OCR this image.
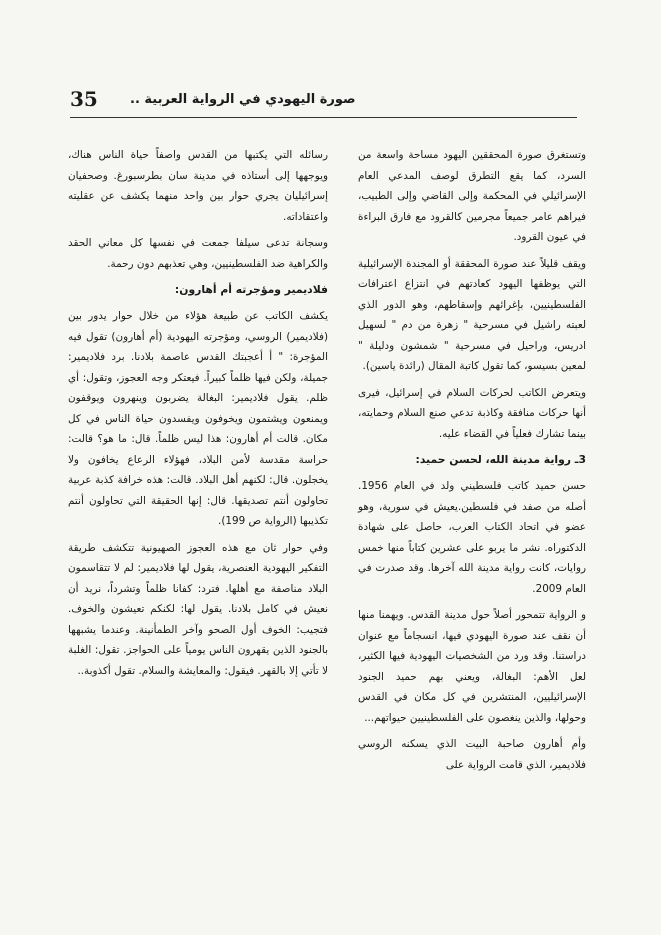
35	صورة اليهودي في الرواية العربية ..

وتستغرق صورة المحققين اليهود مساحة واسعة من السرد، كما يقع التطرق لوصف المدعي العام الإسرائيلي في المحكمة وإلى القاضي وإلى الطبيب، فيراهم عامر جميعاً مجرمين كالقرود مع فارق البراءة في عيون القرود.

ويقف قليلاً عند صورة المحققة أو المجندة الإسرائيلية التي يوظفها اليهود كعادتهم في انتزاع اعترافات الفلسطينيين، بإغرائهم وإسقاطهم، وهو الدور الذي لعبته راشيل في مسرحية " زهرة من دم " لسهيل ادريس، وراحيل في مسرحية " شمشون ودليلة " لمعين بسيسو، كما تقول كاتبة المقال (رائدة ياسين).

ويتعرض الكاتب لحركات السلام في إسرائيل، فيرى أنها حركات منافقة وكاذبة تدعي صنع السلام وحمايته، بينما تشارك فعلياً في القضاء عليه.

3ـ رواية مدينة الله، لحسن حميد:

حسن حميد كاتب فلسطيني ولد في العام 1956. أصله من صفد في فلسطين.يعيش في سورية، وهو عضو في اتحاد الكتاب العرب، حاصل على شهادة الدكتوراه. نشر ما يربو على عشرين كتاباً منها خمس روايات، كانت رواية مدينة الله آخرها. وقد صدرت في العام 2009.

و الرواية تتمحور أصلاً حول مدينة القدس. ويهمنا منها أن نقف عند صورة اليهودي فيها، انسجاماً مع عنوان دراستنا. وقد ورد من الشخصيات اليهودية فيها الكثير، لعل الأهم: البغالة، ويعني بهم حميد الجنود الإسرائيليين، المنتشرين في كل مكان في القدس وحولها، والذين ينغصون على الفلسطينيين حيواتهم...

وأم أهارون صاحبة البيت الذي يسكنه الروسي فلاديمير، الذي قامت الرواية على

رسائله التي يكتبها من القدس واصفاً حياة الناس هناك، ويوجهها إلى أستاذه في مدينة سان بطرسبورغ. وصحفيان إسرائيليان يجري حوار بين واحد منهما يكشف عن عقليته واعتقاداته.

وسجانة تدعى سيلفا جمعت في نفسها كل معاني الحقد والكراهية ضد الفلسطينيين، وهي تعذبهم دون رحمة.

فلاديمير ومؤجرته أم أهارون:

يكشف الكاتب عن طبيعة هؤلاء من خلال حوار يدور بين (فلاديمير) الروسي، ومؤجرته اليهودية (أم أهارون) تقول فيه المؤجرة: " أ أعجبتك القدس عاصمة بلادنا. برد فلاديمير: جميلة، ولكن فيها ظلماً كبيراً. فيعتكر وجه العجوز، وتقول: أي ظلم. يقول فلاديمير: البغالة يضربون وينهرون ويوقفون ويمنعون ويشتمون ويخوفون ويفسدون حياة الناس في كل مكان. قالت أم أهارون: هذا ليس ظلماً. قال: ما هو؟ قالت: حراسة مقدسة لأمن البلاد، فهؤلاء الرعاع يخافون ولا يخجلون. قال: لكنهم أهل البلاد. قالت: هذه خرافة كذبة عربية تحاولون أنتم تصديقها. قال: إنها الحقيقة التي تحاولون أنتم تكذيبها (الرواية ص 199).

وفي حوار ثان مع هذه العجوز الصهيونية تتكشف طريقة التفكير اليهودية العنصرية، يقول لها فلاديمير: لم لا تتقاسمون البلاد مناصفة مع أهلها. فترد: كفانا ظلماً وتشرداً، نريد أن نعيش في كامل بلادنا. يقول لها: لكنكم تعيشون والخوف. فتجيب: الخوف أول الصحو وآخر الطمأنينة. وعندما يشبهها بالجنود الذين يقهرون الناس يومياً على الحواجز. تقول: الغلبة لا تأتي إلا بالقهر. فيقول: والمعايشة والسلام. تقول أكذوبة..
